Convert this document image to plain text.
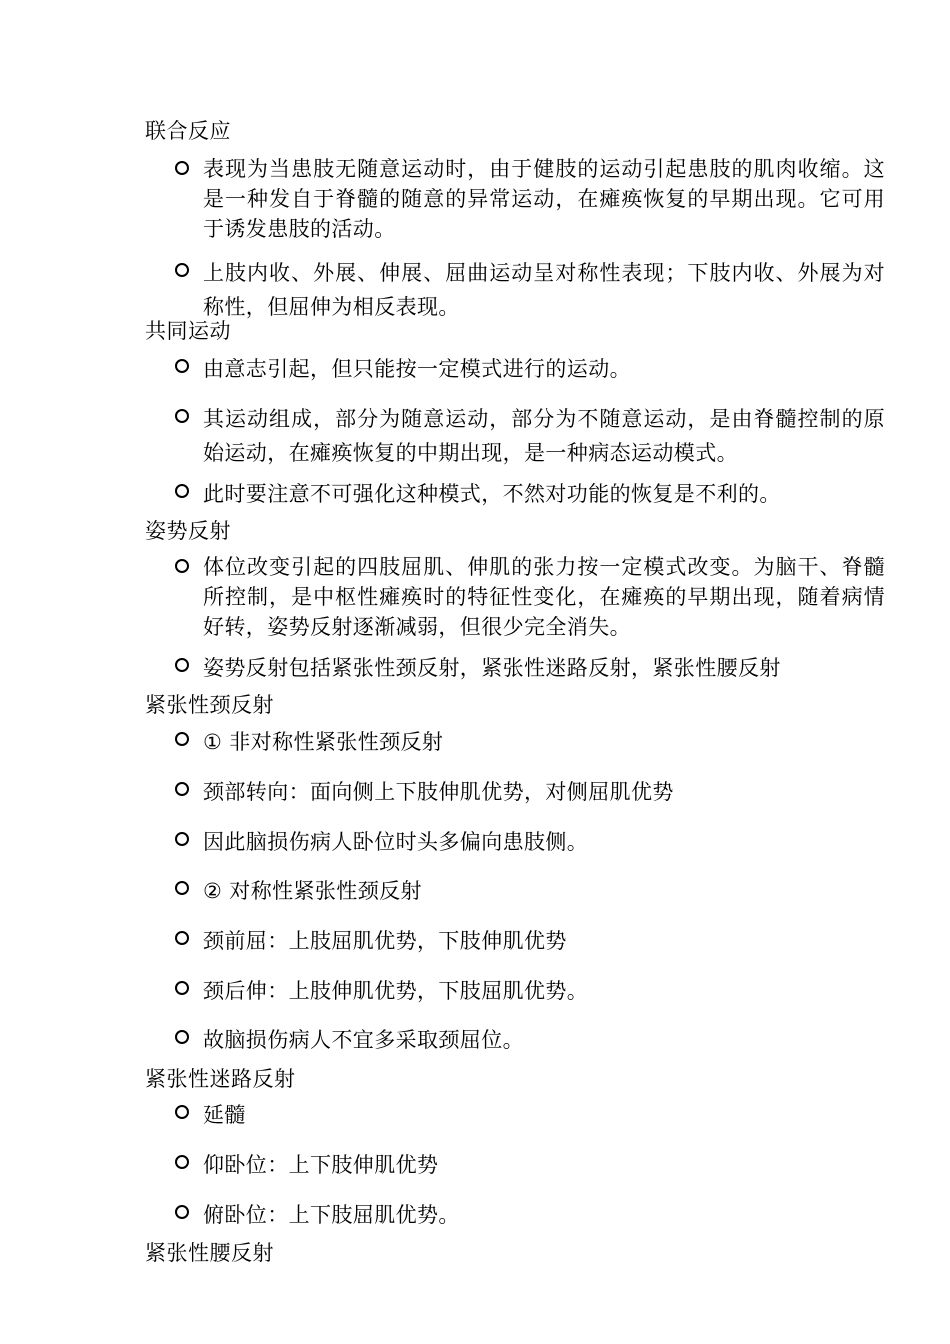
联合反应
表现为当患肢无随意运动时，由于健肢的运动引起患肢的肌肉收缩。这是一种发自于脊髓的随意的异常运动，在瘫痪恢复的早期出现。它可用于诱发患肢的活动。
上肢内收、外展、伸展、屈曲运动呈对称性表现；下肢内收、外展为对称性，但屈伸为相反表现。
共同运动
由意志引起，但只能按一定模式进行的运动。
其运动组成，部分为随意运动，部分为不随意运动，是由脊髓控制的原始运动，在瘫痪恢复的中期出现，是一种病态运动模式。
此时要注意不可强化这种模式，不然对功能的恢复是不利的。
姿势反射
体位改变引起的四肢屈肌、伸肌的张力按一定模式改变。为脑干、脊髓所控制，是中枢性瘫痪时的特征性变化，在瘫痪的早期出现，随着病情好转，姿势反射逐渐减弱，但很少完全消失。
姿势反射包括紧张性颈反射，紧张性迷路反射，紧张性腰反射
紧张性颈反射
① 非对称性紧张性颈反射
颈部转向：面向侧上下肢伸肌优势，对侧屈肌优势
因此脑损伤病人卧位时头多偏向患肢侧。
② 对称性紧张性颈反射
颈前屈：上肢屈肌优势，下肢伸肌优势
颈后伸：上肢伸肌优势，下肢屈肌优势。
故脑损伤病人不宜多采取颈屈位。
紧张性迷路反射
延髓
仰卧位：上下肢伸肌优势
俯卧位：上下肢屈肌优势。
紧张性腰反射
